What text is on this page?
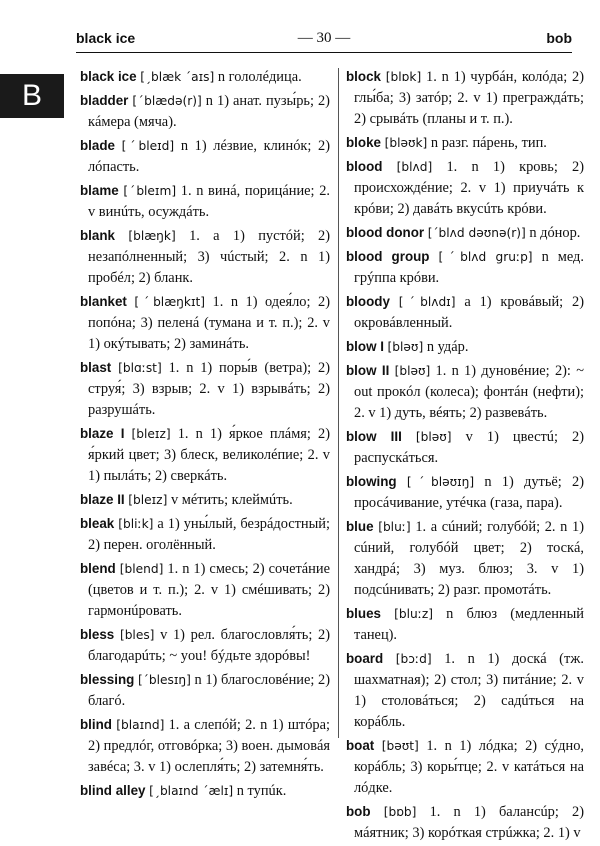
black ice	— 30 —	bob
B
black ice [ˏblæk ˊaɪs] n гололéдица.
bladder [ˊblædə(r)] n 1) анат. пузы́рь; 2) кáмера (мяча).
blade [ˊbleɪd] n 1) лéзвие, клинóк; 2) лóпасть.
blame [ˊbleɪm] 1. n винá, порицáние; 2. v винúть, осуждáть.
blank [blæŋk] 1. a 1) пустóй; 2) незапóлненный; 3) чúстый; 2. n 1) пробéл; 2) бланк.
blanket [ˊblæŋkɪt] 1. n 1) одея́ло; 2) попóна; 3) пеленá (тумана и т. п.); 2. v 1) окýтывать; 2) заминáть.
blast [blɑːst] 1. n 1) поры́в (ветра); 2) струя́; 3) взрыв; 2. v 1) взрывáть; 2) разрушáть.
blaze I [bleɪz] 1. n 1) я́ркое плáмя; 2) я́ркий цвет; 3) блеск, великолéпие; 2. v 1) пылáть; 2) сверкáть.
blaze II [bleɪz] v мéтить; клеймúть.
bleak [bliːk] a 1) уны́лый, безрáдостный; 2) перен. оголённый.
blend [blend] 1. n 1) смесь; 2) сочетáние (цветов и т. п.); 2. v 1) смéшивать; 2) гармонúровать.
bless [bles] v 1) рел. благословля́ть; 2) благодарúть; ~ you! бýдьте здорóвы!
blessing [ˊblesɪŋ] n 1) благословéние; 2) благó.
blind [blaɪnd] 1. a слепóй; 2. n 1) штóра; 2) предлóг, отговóрка; 3) воен. дымовáя завéса; 3. v 1) ослепля́ть; 2) затемня́ть.
blind alley [ˏblaɪnd ˊælɪ] n тупúк.
block [blɒk] 1. n 1) чурбáн, колóда; 2) глы́ба; 3) затóр; 2. v 1) преграждáть; 2) срывáть (планы и т. п.).
bloke [bləʊk] n разг. пáрень, тип.
blood [blʌd] 1. n 1) кровь; 2) происхождéние; 2. v 1) приучáть к крóви; 2) давáть вкусúть крóви.
blood donor [ˊblʌd dəʊnə(r)] n дóнор.
blood group [ˊblʌd gruːp] n мед. грýппа крóви.
bloody [ˊblʌdɪ] a 1) кровáвый; 2) окровáвленный.
blow I [bləʊ] n удáр.
blow II [bləʊ] 1. n 1) дуновéние; 2): ~ out прокóл (колеса); фонтáн (нефти); 2. v 1) дуть, вéять; 2) развевáть.
blow III [bləʊ] v 1) цвестú; 2) распускáться.
blowing [ˊbləʊɪŋ] n 1) дутьё; 2) просáчивание, утéчка (газа, пара).
blue [bluː] 1. a сúний; голубóй; 2. n 1) сúний, голубóй цвет; 2) тоскá, хандрá; 3) муз. блюз; 3. v 1) подсúнивать; 2) разг. промотáть.
blues [bluːz] n блюз (медленный танец).
board [bɔːd] 1. n 1) доскá (тж. шахматная); 2) стол; 3) питáние; 2. v 1) столовáться; 2) садúться на корáбль.
boat [bəʊt] 1. n 1) лóдка; 2) сýдно, корáбль; 3) коры́тце; 2. v катáться на лóдке.
bob [bɒb] 1. n 1) балансúр; 2) мáятник; 3) корóткая стрúжка; 2. 1) v
